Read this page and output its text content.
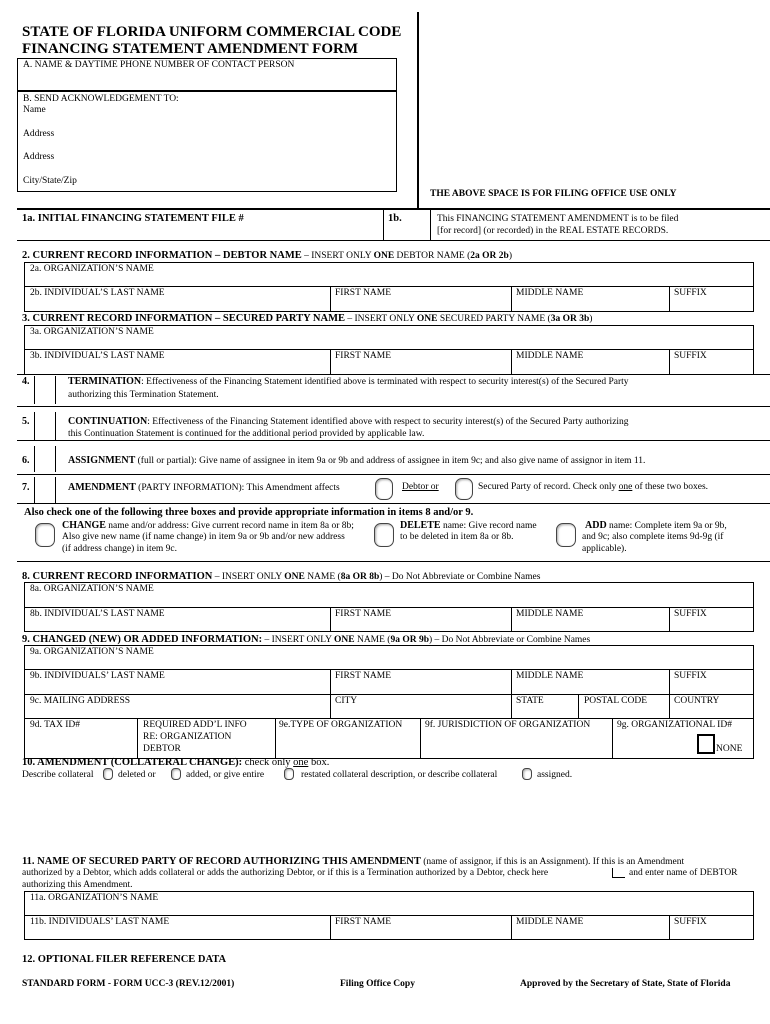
STATE OF FLORIDA UNIFORM COMMERCIAL CODE
FINANCING STATEMENT AMENDMENT FORM
A. NAME & DAYTIME PHONE NUMBER OF CONTACT PERSON
B. SEND ACKNOWLEDGEMENT TO:
Name
Address
Address
City/State/Zip
THE ABOVE SPACE IS FOR FILING OFFICE USE ONLY
1a. INITIAL FINANCING STATEMENT FILE #	1b.	This FINANCING STATEMENT AMENDMENT is to be filed
[for record] (or recorded) in the REAL ESTATE RECORDS.
2. CURRENT RECORD INFORMATION – DEBTOR NAME – INSERT ONLY ONE DEBTOR NAME (2a OR 2b)
2a. ORGANIZATION’S NAME
2b. INDIVIDUAL’S LAST NAME	FIRST NAME	MIDDLE NAME	SUFFIX
3. CURRENT RECORD INFORMATION – SECURED PARTY NAME – INSERT ONLY ONE SECURED PARTY NAME (3a OR 3b)
3a. ORGANIZATION’S NAME
3b. INDIVIDUAL’S LAST NAME	FIRST NAME	MIDDLE NAME	SUFFIX
4.	TERMINATION: Effectiveness of the Financing Statement identified above is terminated with respect to security interest(s) of the Secured Party
authorizing this Termination Statement.
5.	CONTINUATION: Effectiveness of the Financing Statement identified above with respect to security interest(s) of the Secured Party authorizing
this Continuation Statement is continued for the additional period provided by applicable law.
6.	ASSIGNMENT (full or partial): Give name of assignee in item 9a or 9b and address of assignee in item 9c; and also give name of assignor in item 11.
7.	AMENDMENT (PARTY INFORMATION): This Amendment affects	Debtor or	Secured Party of record. Check only one of these two boxes.
Also check one of the following three boxes and provide appropriate information in items 8 and/or 9.
CHANGE name and/or address: Give current record name in item 8a or 8b;
Also give new name (if name change) in item 9a or 9b and/or new address
(if address change) in item 9c.
DELETE name: Give record name
to be deleted in item 8a or 8b.
ADD name: Complete item 9a or 9b,
and 9c; also complete items 9d-9g (if
applicable).
8. CURRENT RECORD INFORMATION – INSERT ONLY ONE NAME (8a OR 8b) – Do Not Abbreviate or Combine Names
8a. ORGANIZATION’S NAME
8b. INDIVIDUAL’S LAST NAME	FIRST NAME	MIDDLE NAME	SUFFIX
9. CHANGED (NEW) OR ADDED INFORMATION: – INSERT ONLY ONE NAME (9a OR 9b) – Do Not Abbreviate or Combine Names
9a. ORGANIZATION’S NAME
9b. INDIVIDUALS’ LAST NAME	FIRST NAME	MIDDLE NAME	SUFFIX
9c. MAILING ADDRESS	CITY	STATE	POSTAL CODE	COUNTRY
9d. TAX ID#	REQUIRED ADD’L INFO
RE: ORGANIZATION
DEBTOR
9e.TYPE OF ORGANIZATION 9f. JURISDICTION OF ORGANIZATION	9g. ORGANIZATIONAL ID#
NONE
10. AMENDMENT (COLLATERAL CHANGE): check only one box.
Describe collateral	deleted or	added, or give entire	restated collateral description, or describe collateral	assigned.
11. NAME OF SECURED PARTY OF RECORD AUTHORIZING THIS AMENDMENT (name of assignor, if this is an Assignment). If this is an Amendment
authorized by a Debtor, which adds collateral or adds the authorizing Debtor, or if this is a Termination authorized by a Debtor, check here	and enter name of DEBTOR
authorizing this Amendment.
11a. ORGANIZATION’S NAME
11b. INDIVIDUALS’ LAST NAME	FIRST NAME	MIDDLE NAME	SUFFIX
12. OPTIONAL FILER REFERENCE DATA
STANDARD FORM - FORM UCC-3 (REV.12/2001)	Filing Office Copy	Approved by the Secretary of State, State of Florida
